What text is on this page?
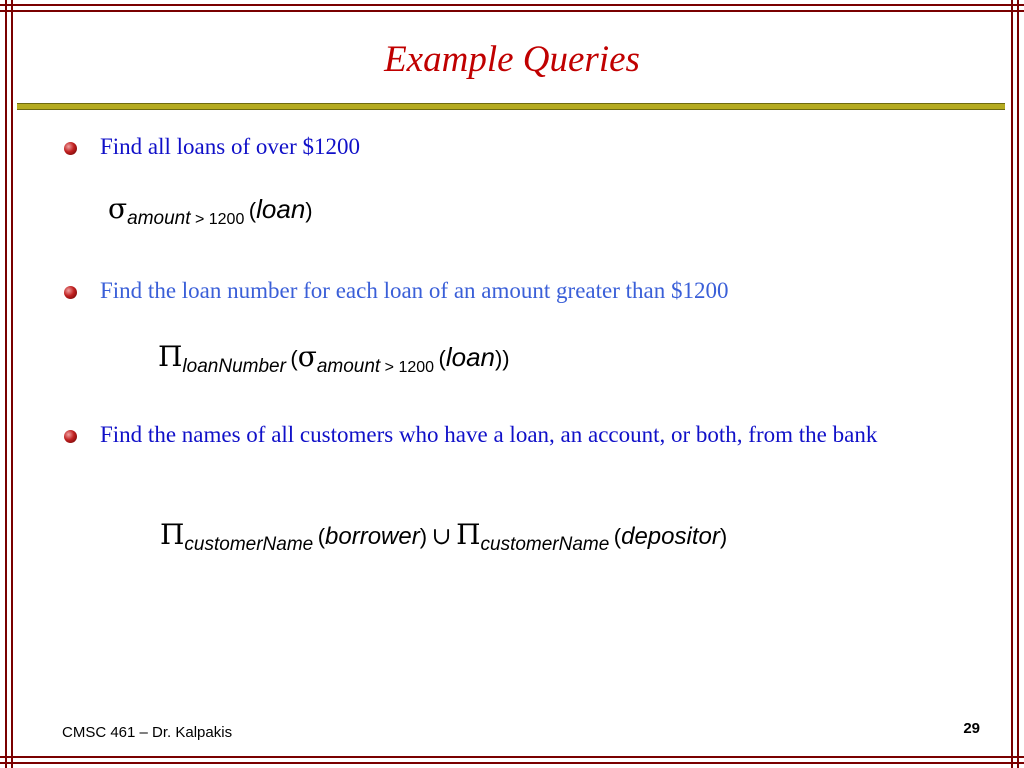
Example Queries
Find all loans of over $1200
σamount > 1200 (loan)
Find the loan number for each loan of an amount greater than $1200
ΠloanNumber (σamount > 1200 (loan))
Find the names of all customers who have a loan, an account, or both, from the bank
ΠcustomerName (borrower) ∪ ΠcustomerName (depositor)
CMSC 461 – Dr. Kalpakis	29
